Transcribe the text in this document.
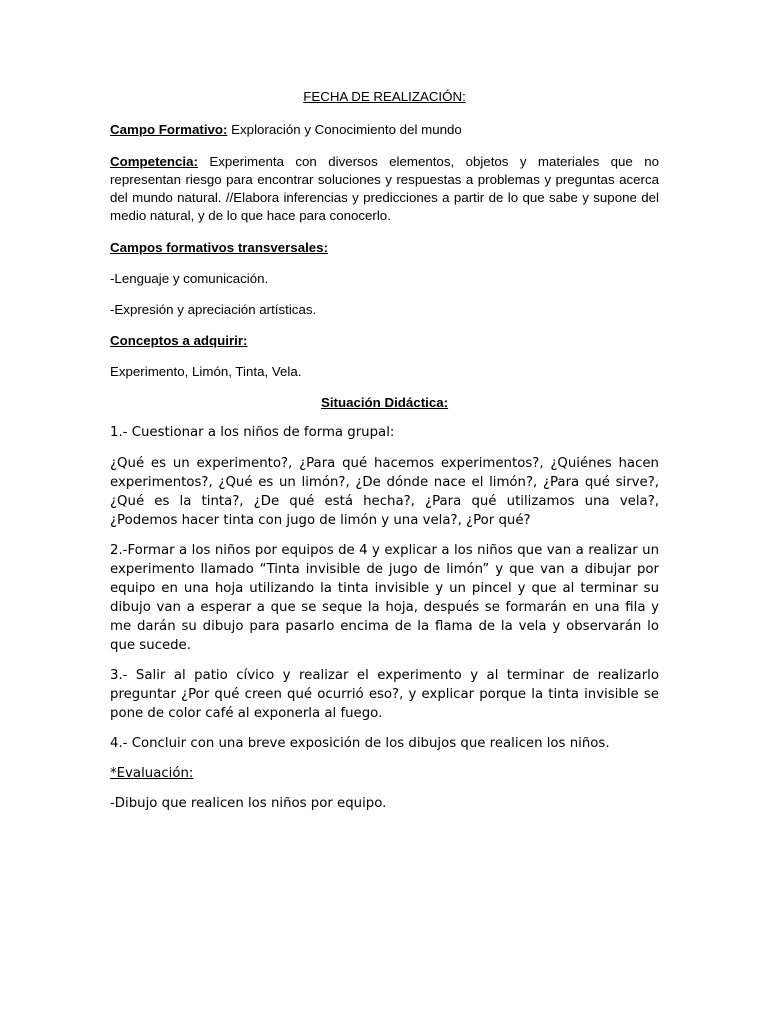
FECHA DE REALIZACIÓN:

Campo Formativo: Exploración y Conocimiento del mundo

Competencia: Experimenta con diversos elementos, objetos y materiales que no representan riesgo para encontrar soluciones y respuestas a problemas y preguntas acerca del mundo natural. //Elabora inferencias y predicciones a partir de lo que sabe y supone del medio natural, y de lo que hace para conocerlo.

Campos formativos transversales:

-Lenguaje y comunicación.

-Expresión y apreciación artísticas.

Conceptos a adquirir:

Experimento, Limón, Tinta, Vela.

Situación Didáctica:

1.- Cuestionar a los niños de forma grupal:

¿Qué es un experimento?, ¿Para qué hacemos experimentos?, ¿Quiénes hacen experimentos?, ¿Qué es un limón?, ¿De dónde nace el limón?, ¿Para qué sirve?, ¿Qué es la tinta?, ¿De qué está hecha?, ¿Para qué utilizamos una vela?, ¿Podemos hacer tinta con jugo de limón y una vela?, ¿Por qué?

2.-Formar a los niños por equipos de 4 y explicar a los niños que van a realizar un experimento llamado “Tinta invisible de jugo de limón” y que van a dibujar por equipo en una hoja utilizando la tinta invisible y un pincel y que al terminar su dibujo van a esperar a que se seque la hoja, después se formarán en una fila y me darán su dibujo para pasarlo encima de la flama de la vela y observarán lo que sucede.

3.- Salir al patio cívico y realizar el experimento y al terminar de realizarlo preguntar ¿Por qué creen qué ocurrió eso?, y explicar porque la tinta invisible se pone de color café al exponerla al fuego.

4.- Concluir con una breve exposición de los dibujos que realicen los niños.

*Evaluación:

-Dibujo que realicen los niños por equipo.
